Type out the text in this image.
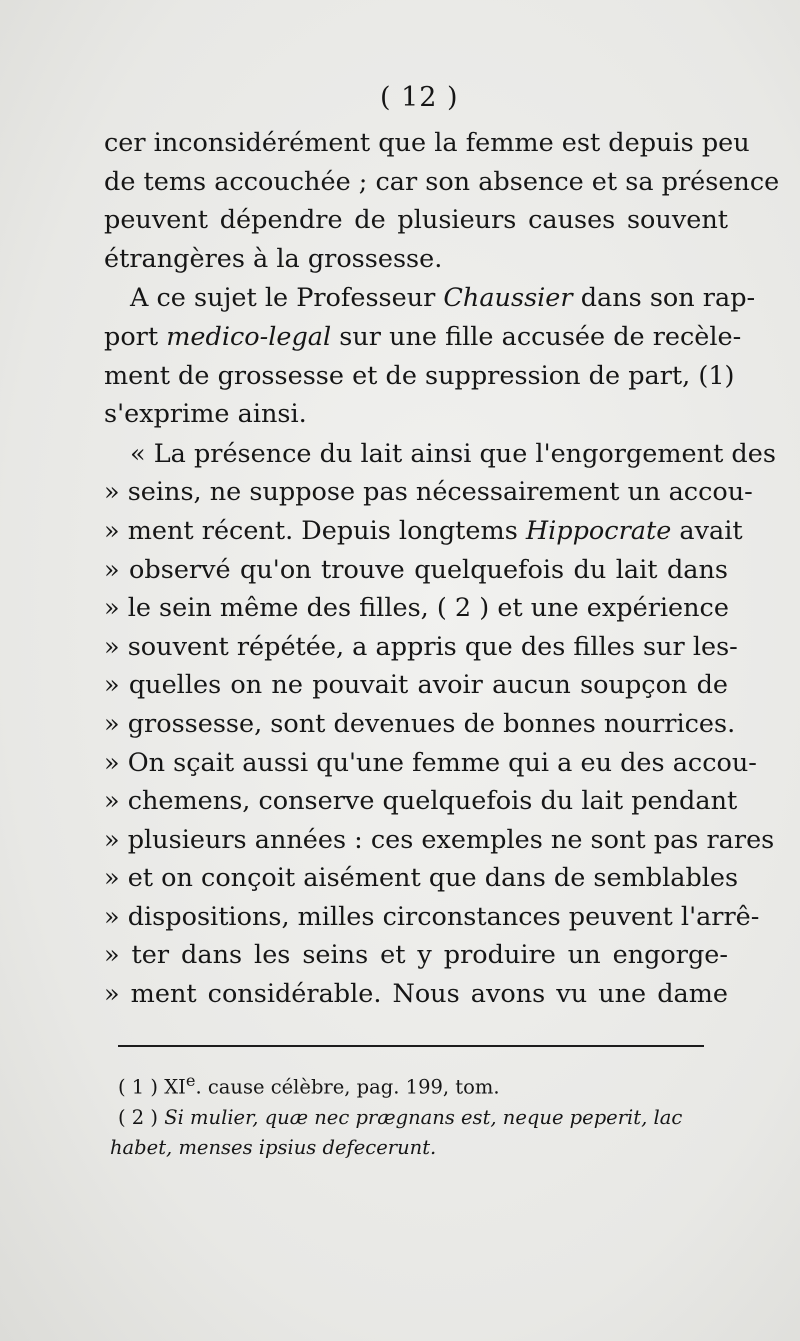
( 12 )
cer inconsidérément que la femme est depuis peu
de tems accouchée ; car son absence et sa présence
peuvent dépendre de plusieurs causes souvent
étrangères à la grossesse.
A ce sujet le Professeur Chaussier dans son rap-
port medico-legal sur une fille accusée de recèle-
ment de grossesse et de suppression de part, (1)
s'exprime ainsi.
« La présence du lait ainsi que l'engorgement des
» seins, ne suppose pas nécessairement un accou-
» ment récent. Depuis longtems Hippocrate avait
» observé qu'on trouve quelquefois du lait dans
» le sein même des filles, ( 2 ) et une expérience
» souvent répétée, a appris que des filles sur les-
» quelles on ne pouvait avoir aucun soupçon de
» grossesse, sont devenues de bonnes nourrices.
» On sçait aussi qu'une femme qui a eu des accou-
» chemens, conserve quelquefois du lait pendant
» plusieurs années : ces exemples ne sont pas rares
» et on conçoit aisément que dans de semblables
» dispositions, milles circonstances peuvent l'arrê-
» ter dans les seins et y produire un engorge-
» ment considérable. Nous avons vu une dame
( 1 ) XIe. cause célèbre, pag. 199, tom.
( 2 ) Si mulier, quæ nec prægnans est, neque peperit, lac
habet, menses ipsius defecerunt.
